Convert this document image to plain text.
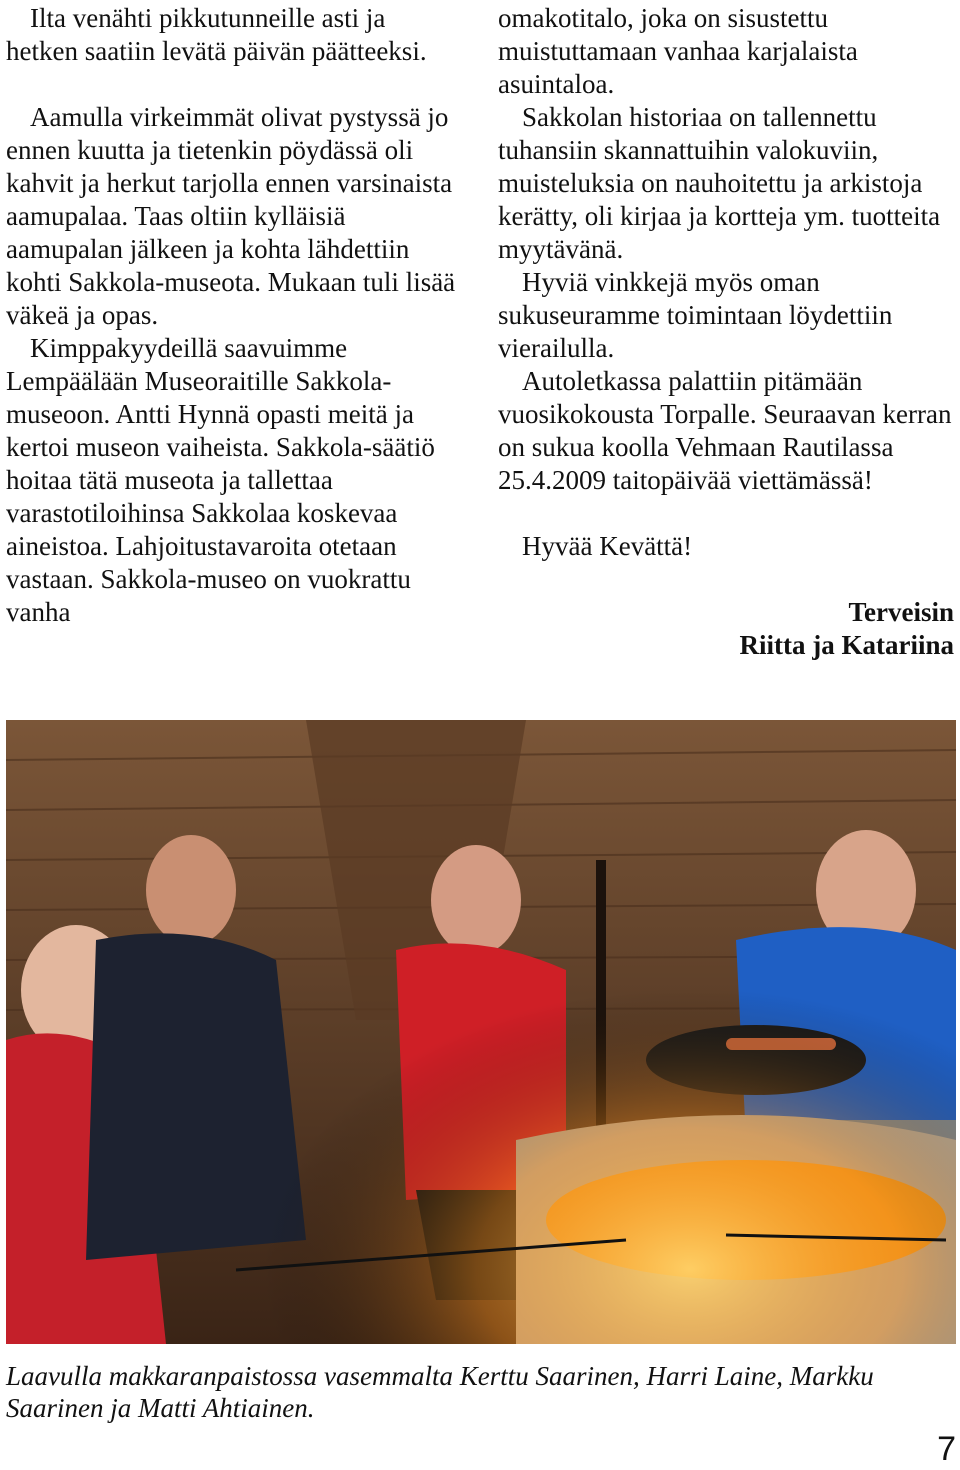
Ilta venähti pikkutunneille asti ja hetken saatiin levätä päivän päätteeksi.

Aamulla virkeimmät olivat pystyssä jo ennen kuutta ja tietenkin pöydässä oli kahvit ja herkut tarjolla ennen varsinaista aamupalaa. Taas oltiin kylläisiä aamupalan jälkeen ja kohta lähdettiin kohti Sakkola-museota. Mukaan tuli lisää väkeä ja opas.

Kimppakyydeillä saavuimme Lempäälään Museoraitille Sakkola-museoon. Antti Hynnä opasti meitä ja kertoi museon vaiheista. Sakkola-säätiö hoitaa tätä museota ja tallettaa varastotiloihinsa Sakkolaa koskevaa aineistoa. Lahjoitustavaroita otetaan vastaan. Sakkola-museo on vuokrattu vanha

omakotitalo, joka on sisustettu muistuttamaan vanhaa karjalaista asuintaloa.

Sakkolan historiaa on tallennettu tuhansiin skannattuihin valokuviin, muisteluksia on nauhoitettu ja arkistoja kerätty, oli kirjaa ja kortteja ym. tuotteita myytävänä.

Hyviä vinkkejä myös oman sukuseuramme toimintaan löydettiin vierailulla.

Autoletkassa palattiin pitämään vuosikokousta Torpalle. Seuraavan kerran on sukua koolla Vehmaan Rautilassa 25.4.2009 taitopäivää viettämässä!

Hyvää Kevättä!

Terveisin

Riitta ja Katariina

Laavulla makkaranpaistossa vasemmalta Kerttu Saarinen, Harri Laine, Markku Saarinen ja Matti Ahtiainen.
7
